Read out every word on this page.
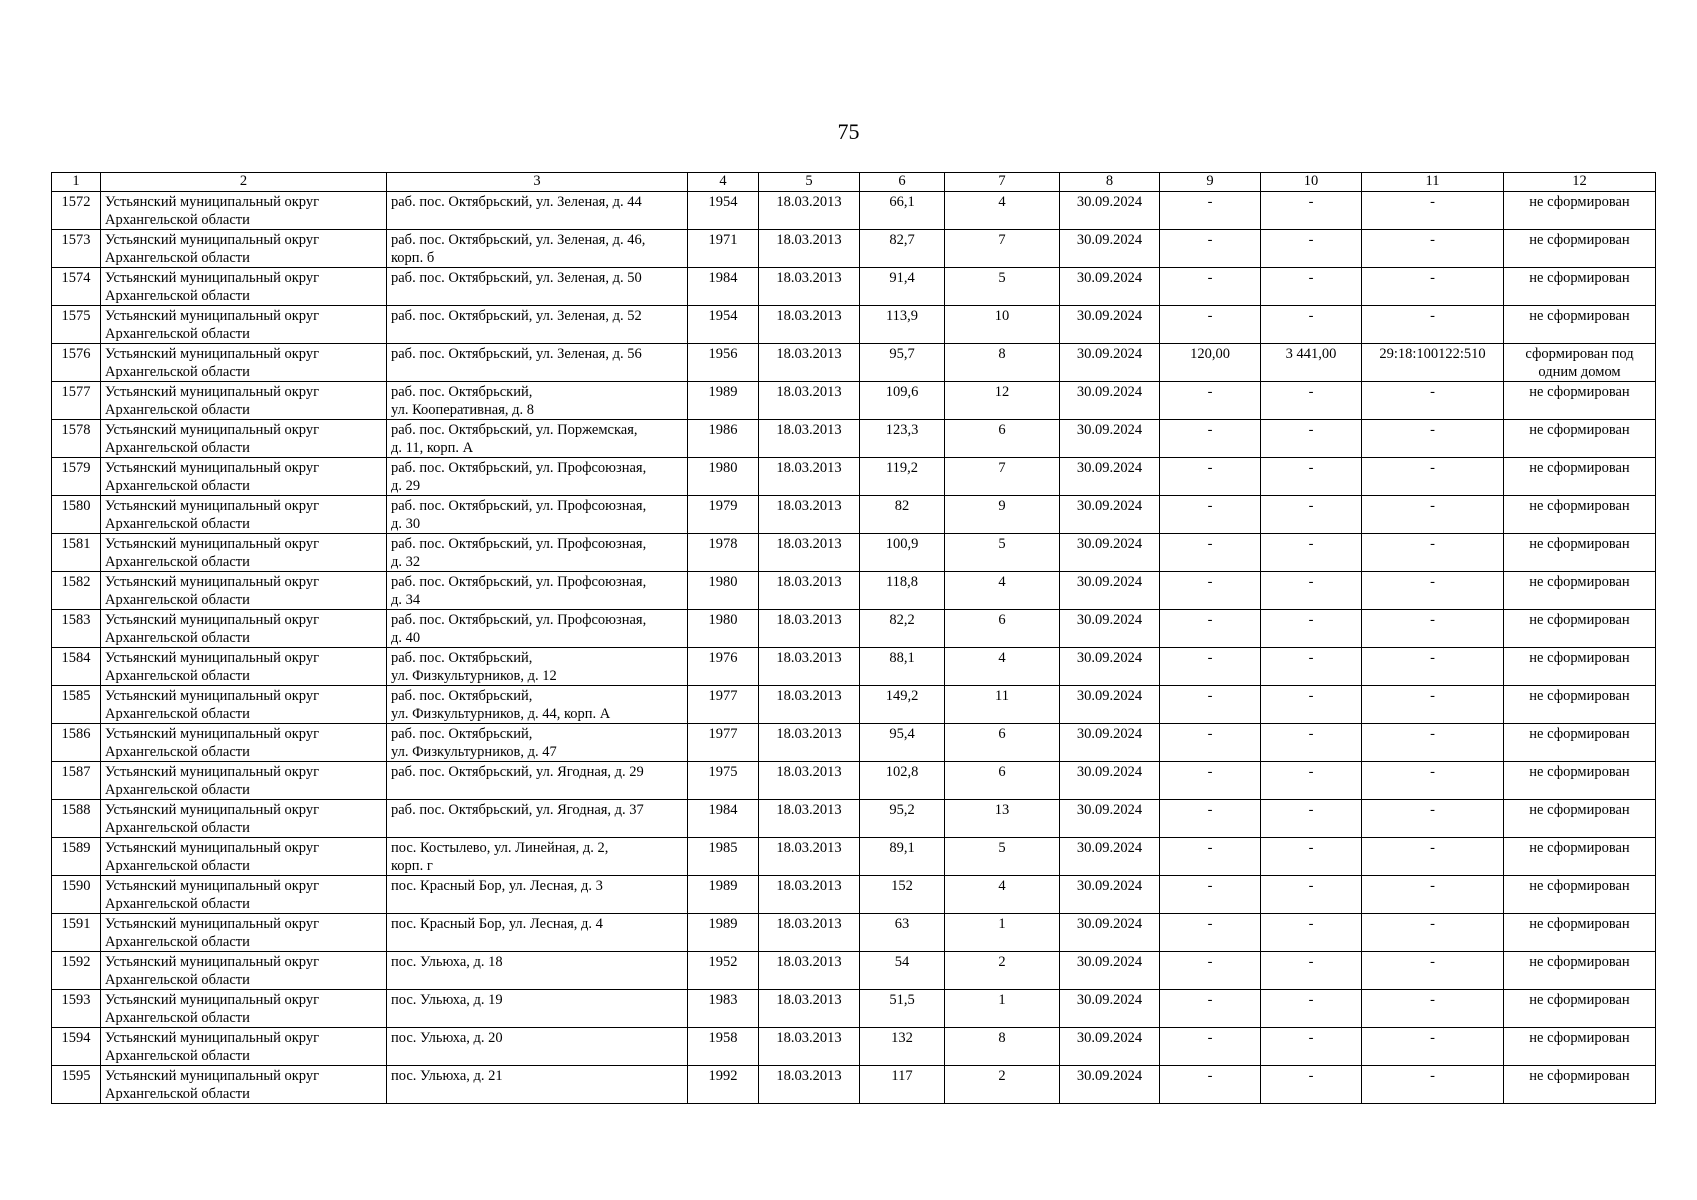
75
1	2	3	4	5	6	7	8	9	10	11	12
1572	Устьянский муниципальный округ
Архангельской области	раб. пос. Октябрьский, ул. Зеленая, д. 44	1954	18.03.2013	66,1	4	30.09.2024	-	-	-	не сформирован

1573	Устьянский муниципальный округ
Архангельской области	раб. пос. Октябрьский, ул. Зеленая, д. 46,
корп. б	1971	18.03.2013	82,7	7	30.09.2024	-	-	-	не сформирован

1574	Устьянский муниципальный округ
Архангельской области	раб. пос. Октябрьский, ул. Зеленая, д. 50	1984	18.03.2013	91,4	5	30.09.2024	-	-	-	не сформирован

1575	Устьянский муниципальный округ
Архангельской области	раб. пос. Октябрьский, ул. Зеленая, д. 52	1954	18.03.2013	113,9	10	30.09.2024	-	-	-	не сформирован

1576	Устьянский муниципальный округ
Архангельской области	раб. пос. Октябрьский, ул. Зеленая, д. 56	1956	18.03.2013	95,7	8	30.09.2024	120,00	3 441,00	29:18:100122:510	сформирован под
одним домом
1577	Устьянский муниципальный округ
Архангельской области	раб. пос. Октябрьский,
ул. Кооперативная, д. 8	1989	18.03.2013	109,6	12	30.09.2024	-	-	-	не сформирован

1578	Устьянский муниципальный округ
Архангельской области	раб. пос. Октябрьский, ул. Поржемская,
д. 11, корп. А	1986	18.03.2013	123,3	6	30.09.2024	-	-	-	не сформирован

1579	Устьянский муниципальный округ
Архангельской области	раб. пос. Октябрьский, ул. Профсоюзная,
д. 29	1980	18.03.2013	119,2	7	30.09.2024	-	-	-	не сформирован

1580	Устьянский муниципальный округ
Архангельской области	раб. пос. Октябрьский, ул. Профсоюзная,
д. 30	1979	18.03.2013	82	9	30.09.2024	-	-	-	не сформирован

1581	Устьянский муниципальный округ
Архангельской области	раб. пос. Октябрьский, ул. Профсоюзная,
д. 32	1978	18.03.2013	100,9	5	30.09.2024	-	-	-	не сформирован

1582	Устьянский муниципальный округ
Архангельской области	раб. пос. Октябрьский, ул. Профсоюзная,
д. 34	1980	18.03.2013	118,8	4	30.09.2024	-	-	-	не сформирован

1583	Устьянский муниципальный округ
Архангельской области	раб. пос. Октябрьский, ул. Профсоюзная,
д. 40	1980	18.03.2013	82,2	6	30.09.2024	-	-	-	не сформирован

1584	Устьянский муниципальный округ
Архангельской области	раб. пос. Октябрьский,
ул. Физкультурников, д. 12	1976	18.03.2013	88,1	4	30.09.2024	-	-	-	не сформирован

1585	Устьянский муниципальный округ
Архангельской области	раб. пос. Октябрьский,
ул. Физкультурников, д. 44, корп. А	1977	18.03.2013	149,2	11	30.09.2024	-	-	-	не сформирован

1586	Устьянский муниципальный округ
Архангельской области	раб. пос. Октябрьский,
ул. Физкультурников, д. 47	1977	18.03.2013	95,4	6	30.09.2024	-	-	-	не сформирован

1587	Устьянский муниципальный округ
Архангельской области	раб. пос. Октябрьский, ул. Ягодная, д. 29	1975	18.03.2013	102,8	6	30.09.2024	-	-	-	не сформирован

1588	Устьянский муниципальный округ
Архангельской области	раб. пос. Октябрьский, ул. Ягодная, д. 37	1984	18.03.2013	95,2	13	30.09.2024	-	-	-	не сформирован

1589	Устьянский муниципальный округ
Архангельской области	пос. Костылево, ул. Линейная, д. 2,
корп. г	1985	18.03.2013	89,1	5	30.09.2024	-	-	-	не сформирован

1590	Устьянский муниципальный округ
Архангельской области	пос. Красный Бор, ул. Лесная, д. 3	1989	18.03.2013	152	4	30.09.2024	-	-	-	не сформирован

1591	Устьянский муниципальный округ
Архангельской области	пос. Красный Бор, ул. Лесная, д. 4	1989	18.03.2013	63	1	30.09.2024	-	-	-	не сформирован

1592	Устьянский муниципальный округ
Архангельской области	пос. Ульюха, д. 18	1952	18.03.2013	54	2	30.09.2024	-	-	-	не сформирован

1593	Устьянский муниципальный округ
Архангельской области	пос. Ульюха, д. 19	1983	18.03.2013	51,5	1	30.09.2024	-	-	-	не сформирован

1594	Устьянский муниципальный округ
Архангельской области	пос. Ульюха, д. 20	1958	18.03.2013	132	8	30.09.2024	-	-	-	не сформирован

1595	Устьянский муниципальный округ
Архангельской области	пос. Ульюха, д. 21	1992	18.03.2013	117	2	30.09.2024	-	-	-	не сформирован
